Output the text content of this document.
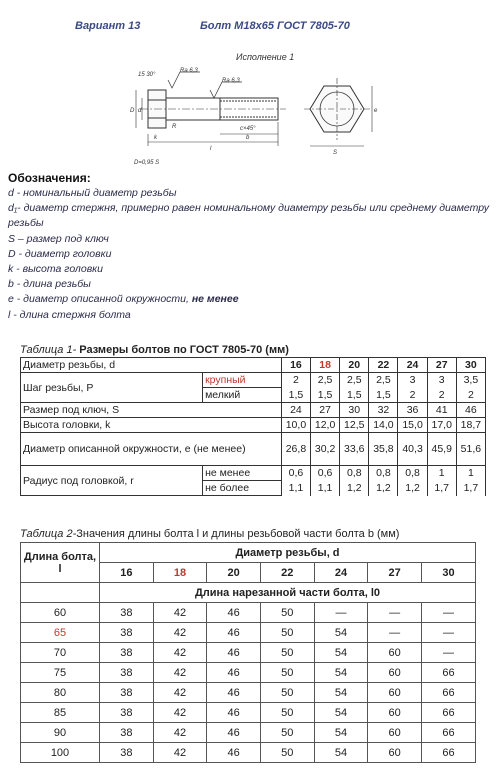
Вариант 13	Болт М18х65 ГОСТ 7805-70
Исполнение 1
D d
15 30°
Ra 6,3
Ra 6,3
R	c×45°
b
l
k
S
e
D=0,95 S
Обозначения:
d - номинальный диаметр резьбы
d₁- диаметр стержня, примерно равен номинальному диаметру резьбы или среднему диаметру резьбы
S – размер под ключ
D - диаметр головки
k - высота головки
b - длина резьбы
e - диаметр описанной окружности, не менее
l - длина стержня болта
Таблица 1- Размеры болтов по ГОСТ 7805-70 (мм)
Диаметр резьбы, d		16	18	20	22	24	27	30
Шаг резьбы, P	крупный	2	2,5	2,5	2,5	3	3	3,5
	мелкий	1,5	1,5	1,5	1,5	2	2	2
Размер под ключ, S		24	27	30	32	36	41	46
Высота головки, k		10,0	12,0	12,5	14,0	15,0	17,0	18,7
Диаметр описанной окружности, e (не менее)		26,8	30,2	33,6	35,8	40,3	45,9	51,6
Радиус под головкой, r	не менее	0,6	0,6	0,8	0,8	0,8	1	1
	не более	1,1	1,1	1,2	1,2	1,2	1,7	1,7
Таблица 2-Значения длины болта l и длины резьбовой части болта b (мм)
Длина болта, l	Диаметр резьбы, d						
	16	18	20	22	24	27	30
	Длина нарезанной части болта, l0						
60	38	42	46	50	—	—	—
65	38	42	46	50	54	—	—
70	38	42	46	50	54	60	—
75	38	42	46	50	54	60	66
80	38	42	46	50	54	60	66
85	38	42	46	50	54	60	66
90	38	42	46	50	54	60	66
100	38	42	46	50	54	60	66
